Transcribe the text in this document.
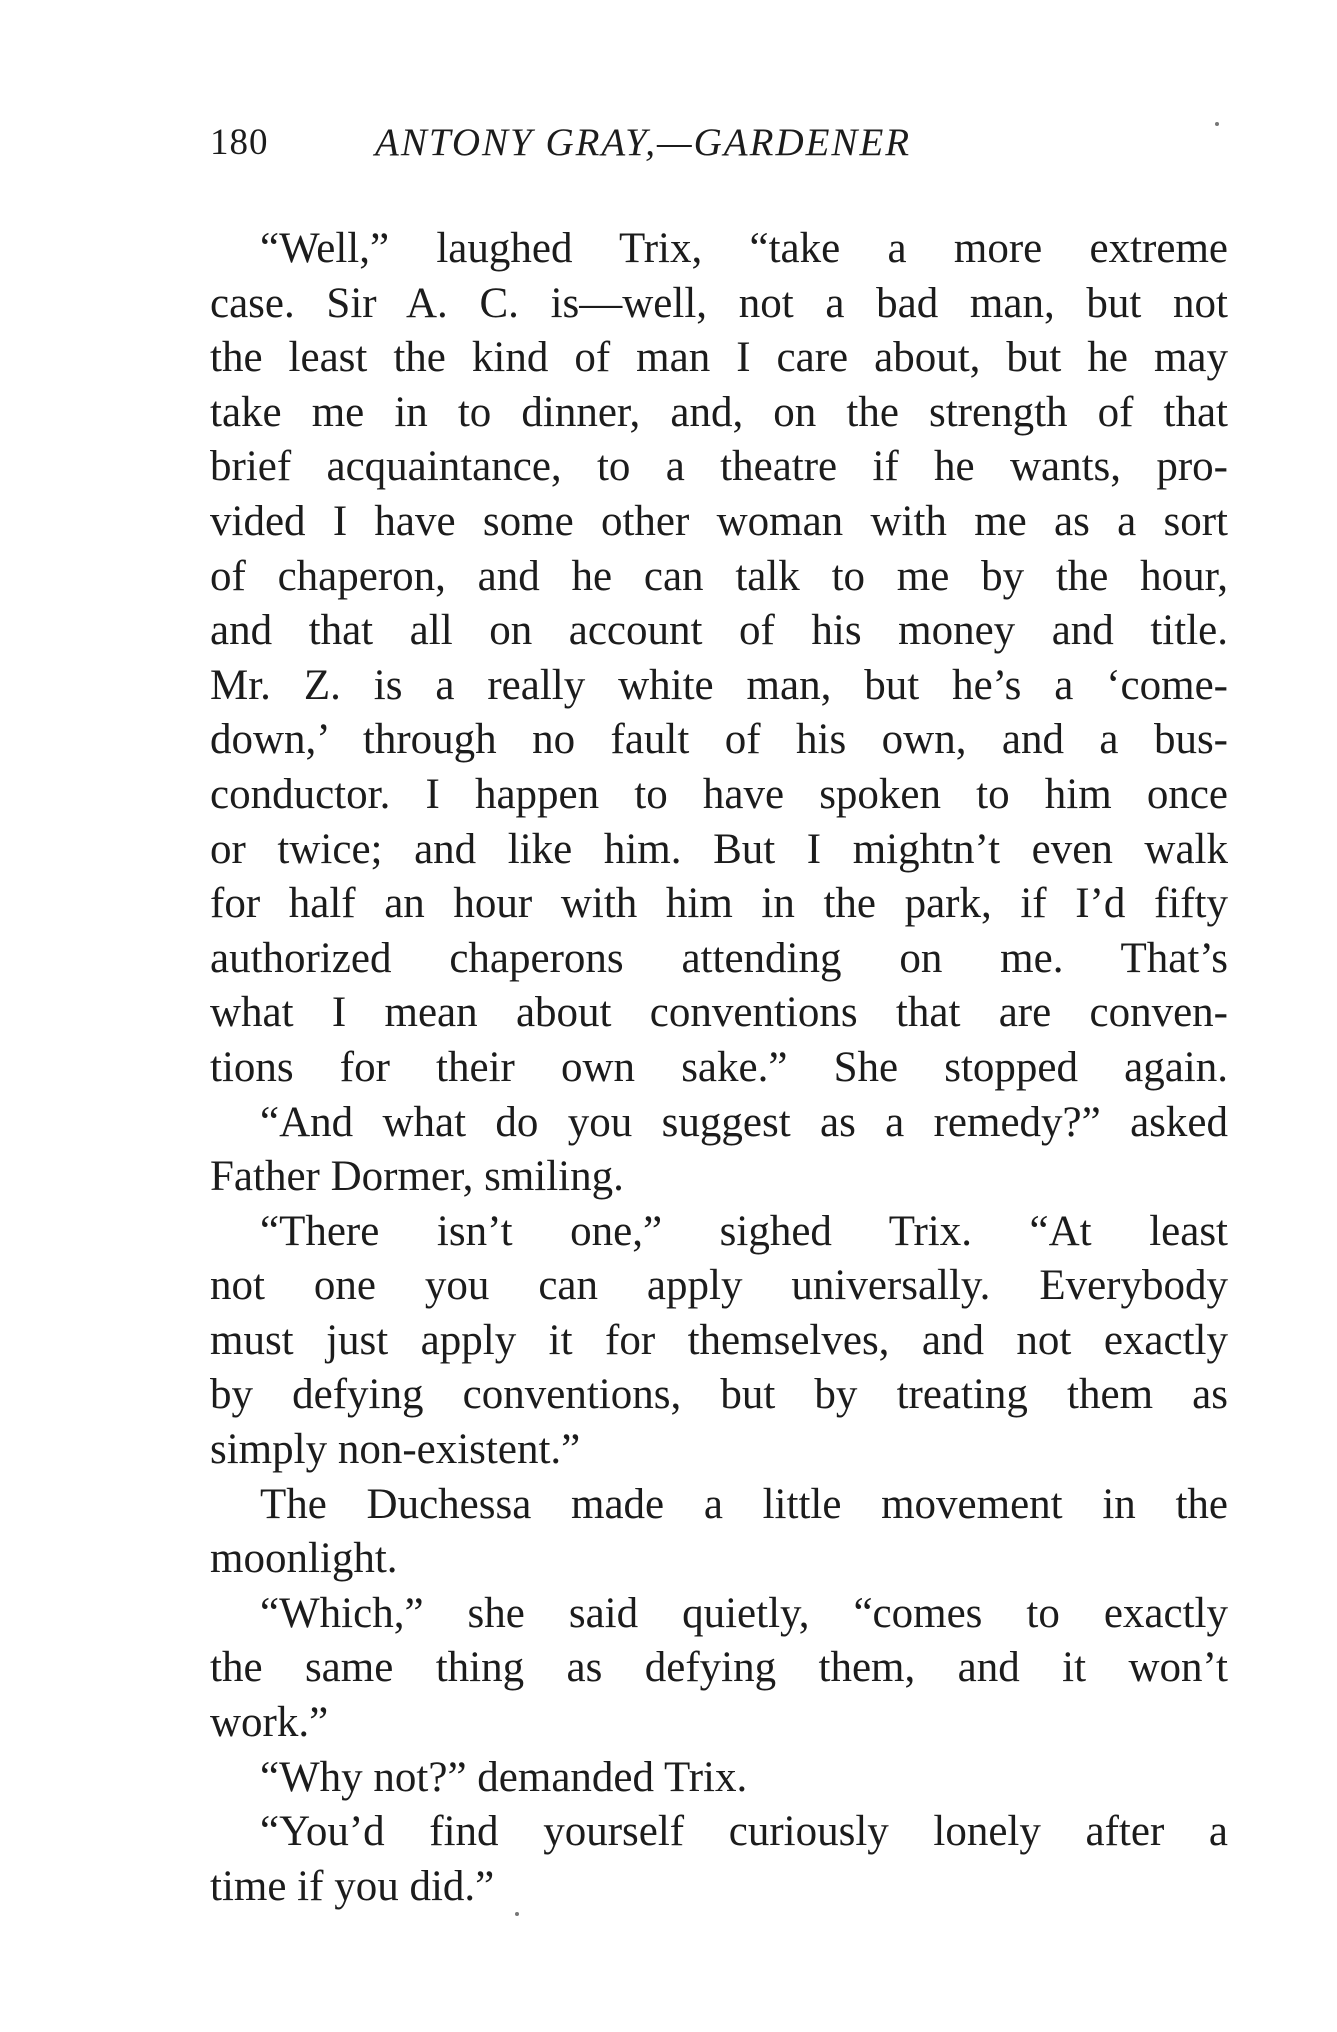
180	ANTONY GRAY,—GARDENER
“Well,” laughed Trix, “take a more extreme
case. Sir A. C. is—well, not a bad man, but not
the least the kind of man I care about, but he may
take me in to dinner, and, on the strength of that
brief acquaintance, to a theatre if he wants, pro-
vided I have some other woman with me as a sort
of chaperon, and he can talk to me by the hour,
and that all on account of his money and title.
Mr. Z. is a really white man, but he’s a ‘come-
down,’ through no fault of his own, and a bus-
conductor. I happen to have spoken to him once
or twice; and like him. But I mightn’t even walk
for half an hour with him in the park, if I’d fifty
authorized chaperons attending on me. That’s
what I mean about conventions that are conven-
tions for their own sake.” She stopped again.
“And what do you suggest as a remedy?” asked
Father Dormer, smiling.
“There isn’t one,” sighed Trix. “At least
not one you can apply universally. Everybody
must just apply it for themselves, and not exactly
by defying conventions, but by treating them as
simply non-existent.”
The Duchessa made a little movement in the
moonlight.
“Which,” she said quietly, “comes to exactly
the same thing as defying them, and it won’t
work.”
“Why not?” demanded Trix.
“You’d find yourself curiously lonely after a
time if you did.”
